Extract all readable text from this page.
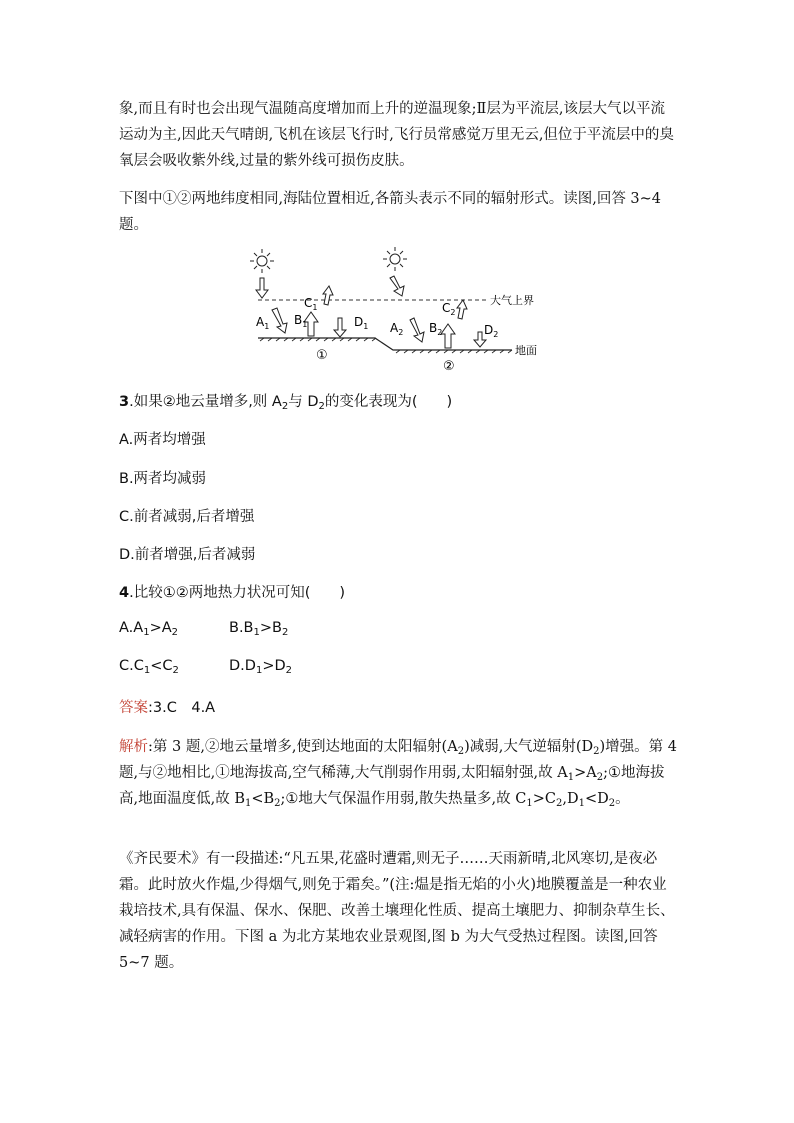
象,而且有时也会出现气温随高度增加而上升的逆温现象;Ⅱ层为平流层,该层大气以平流运动为主,因此天气晴朗,飞机在该层飞行时,飞行员常感觉万里无云,但位于平流层中的臭氧层会吸收紫外线,过量的紫外线可损伤皮肤。

下图中①②两地纬度相同,海陆位置相近,各箭头表示不同的辐射形式。读图,回答 3~4 题。

大气上界
地面
①
②
$A_1$ $B_1$
$C_1$
$D_1$ $A_2$ $B_2$
$C_2$
$D_2$
3.如果②地云量增多,则 $A_2$与 $D_2$的变化表现为(　　)
A.两者均增强
B.两者均减弱
C.前者减弱,后者增强
D.前者增强,后者减弱
4.比较①②两地热力状况可知(　　)
$A.A_1>A_2$	$B.B_1>B_2$
$C.C_1<C_2$	$D.D_1>D_2$
答案:3.C　4.A

解析:第 3 题,②地云量增多,使到达地面的太阳辐射$(A_2)$减弱,大气逆辐射$(D_2)$增强。第 4 题,与②地相比,①地海拔高,空气稀薄,大气削弱作用弱,太阳辐射强,故 $A_1>A_2;①$地海拔高,地面温度低,故 $B_1<B_2;①$地大气保温作用弱,散失热量多,故 $C_1>C_2,D_1<D_2$。

《齐民要术》有一段描述:“凡五果,花盛时遭霜,则无子……天雨新晴,北风寒切,是夜必霜。此时放火作煴,少得烟气,则免于霜矣。”(注:煴是指无焰的小火)地膜覆盖是一种农业栽培技术,具有保温、保水、保肥、改善土壤理化性质、提高土壤肥力、抑制杂草生长、减轻病害的作用。下图 a 为北方某地农业景观图,图 b 为大气受热过程图。读图,回答 5~7 题。
